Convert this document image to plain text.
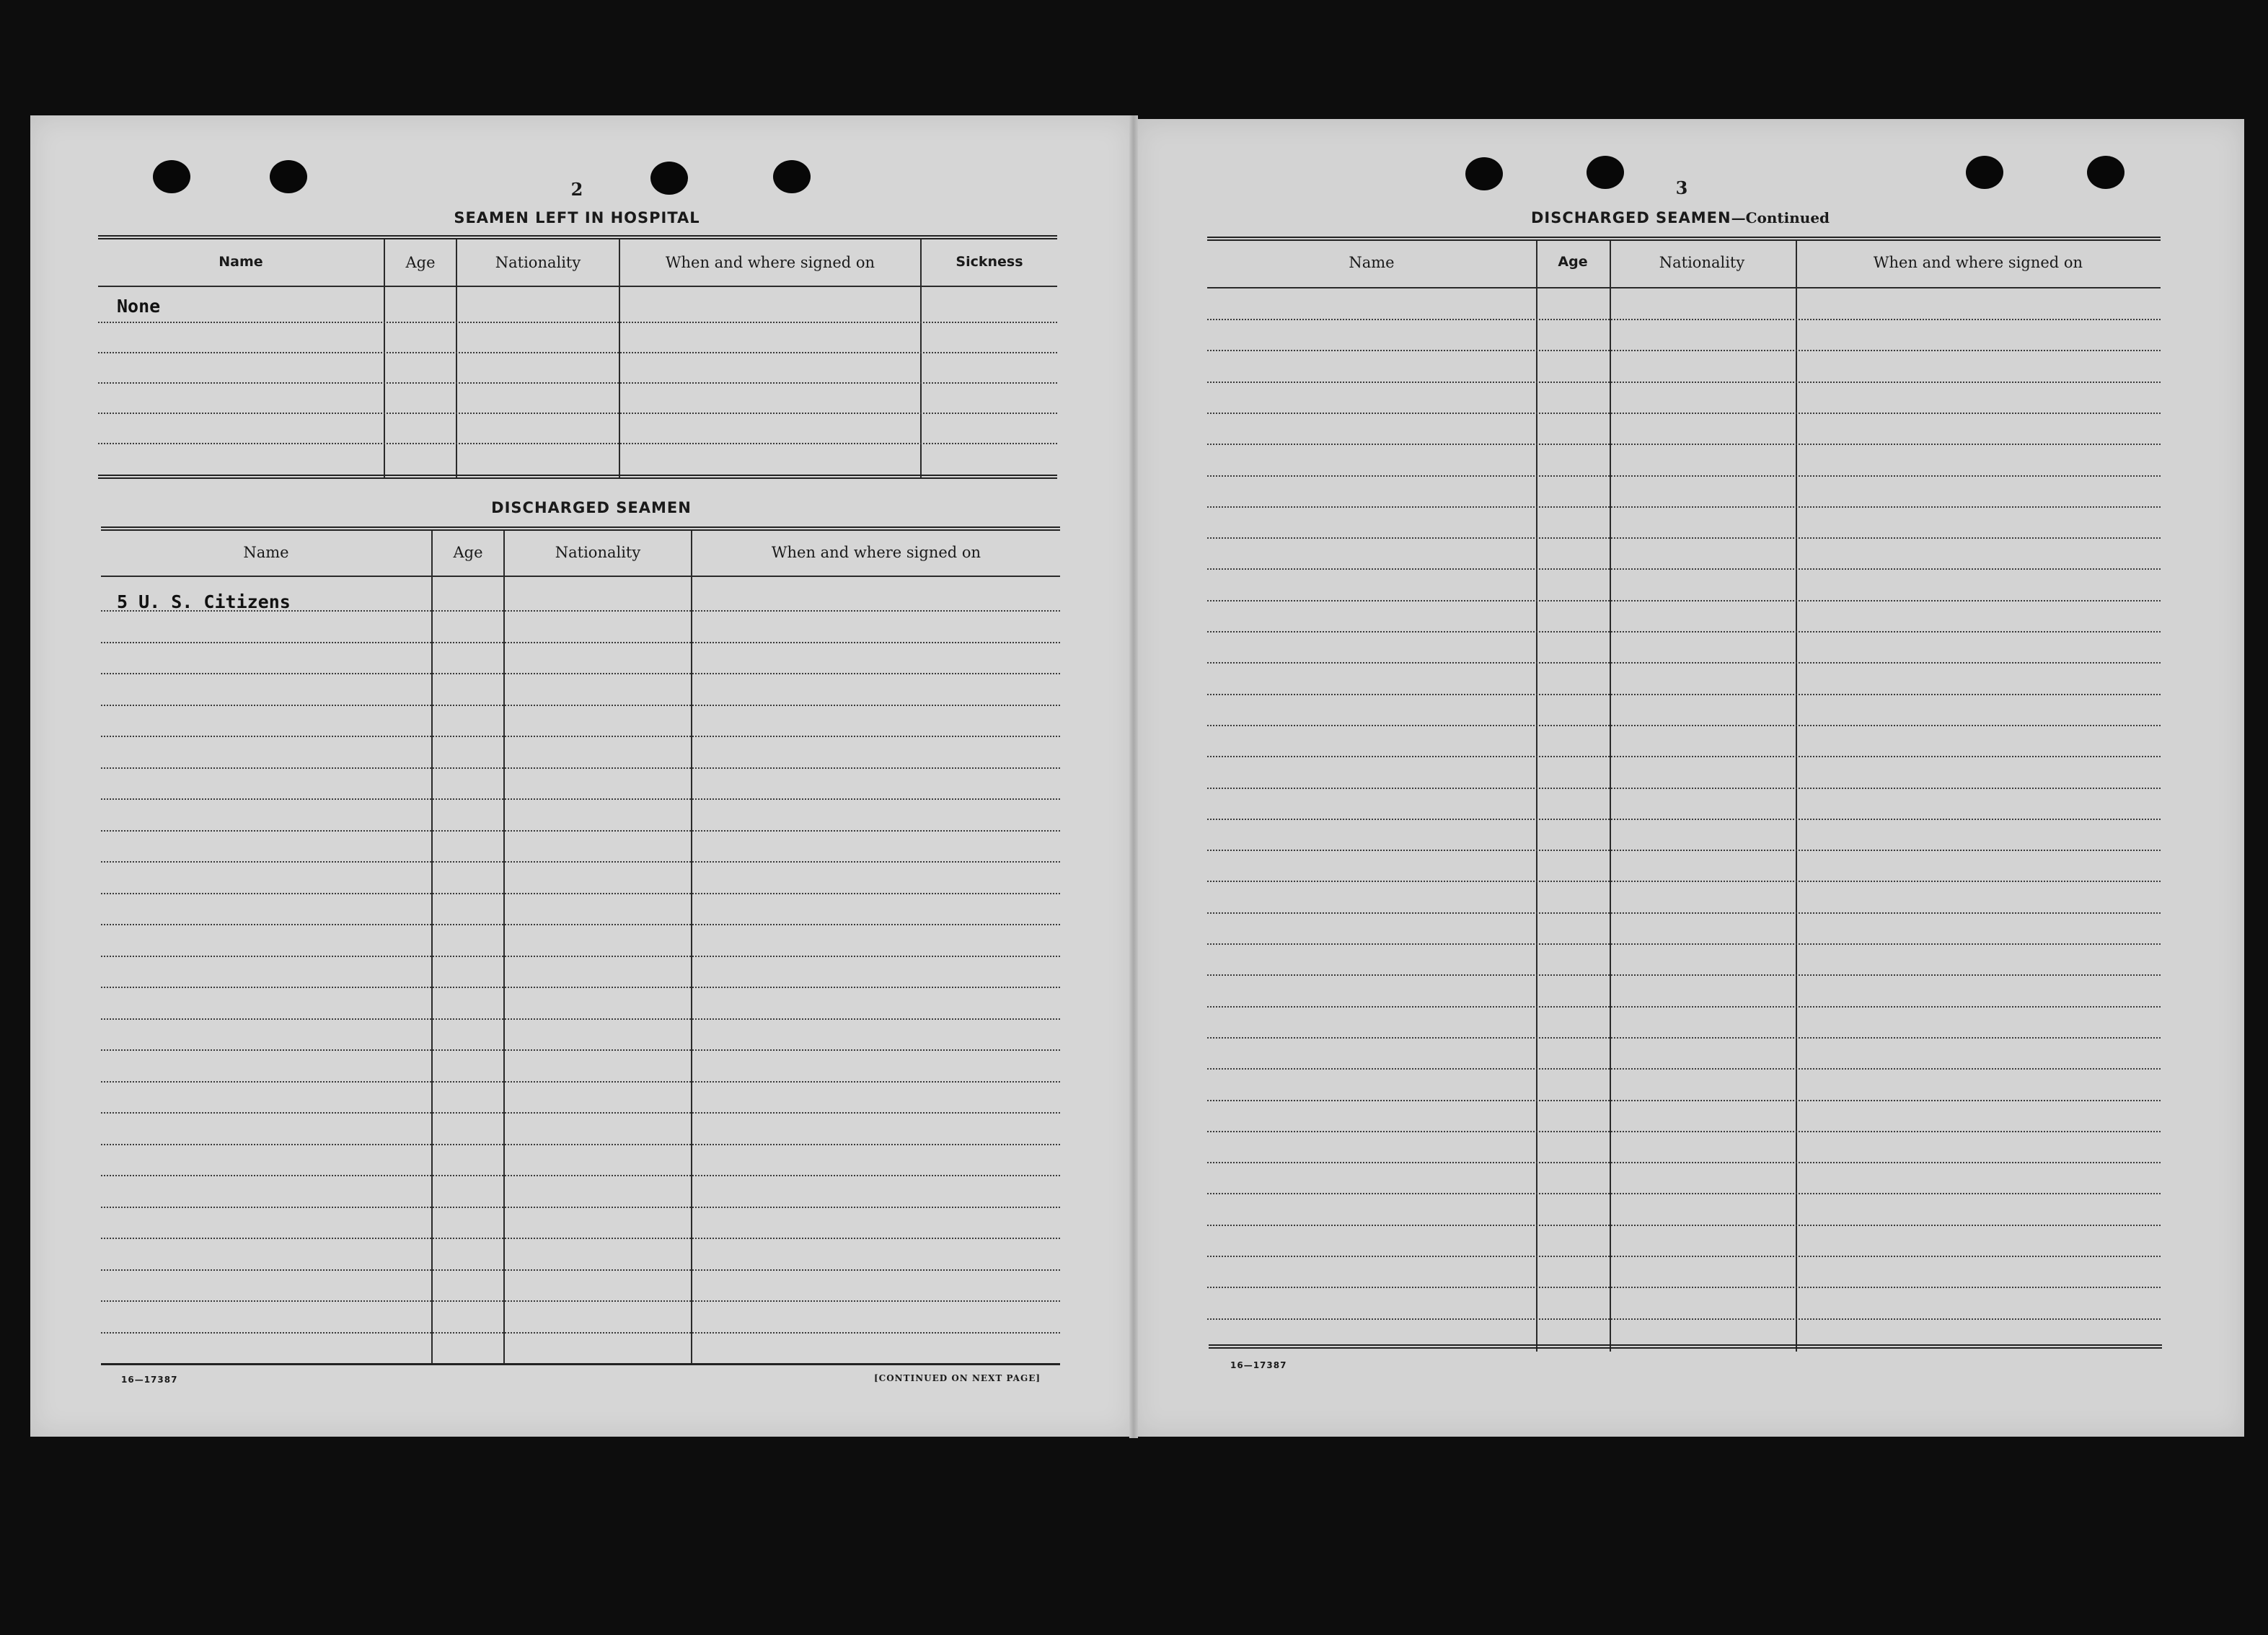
2
SEAMEN LEFT IN HOSPITAL
Name	Age	Nationality	When and where signed on	Sickness
None
DISCHARGED SEAMEN
Name	Age	Nationality	When and where signed on
5 U. S. Citizens
16—17387	[CONTINUED ON NEXT PAGE]
3
DISCHARGED SEAMEN—Continued
Name	Age	Nationality	When and where signed on
16—17387
